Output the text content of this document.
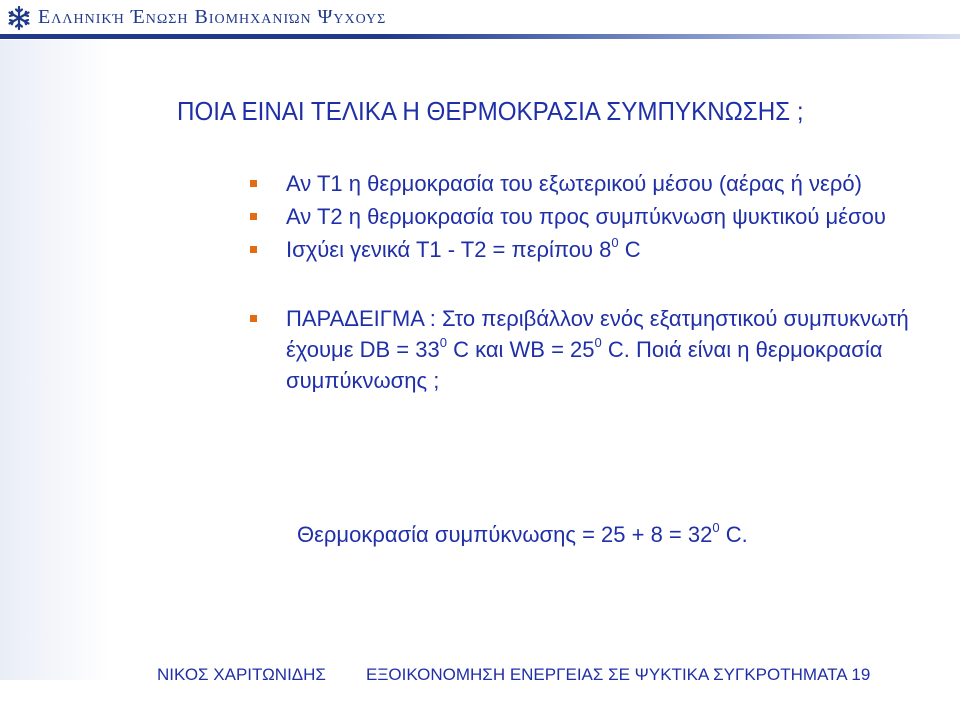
Ελληνική Ένωση Βιομηχανιών Ψυχους
ΠΟΙΑ ΕΙΝΑΙ ΤΕΛΙΚΑ Η ΘΕΡΜΟΚΡΑΣΙΑ ΣΥΜΠΥΚΝΩΣΗΣ ;
Αν Τ1 η θερμοκρασία του εξωτερικού μέσου (αέρας ή νερό)
Αν Τ2 η θερμοκρασία του προς συμπύκνωση ψυκτικού μέσου
Ισχύει γενικά Τ1 - Τ2 = περίπου $8^0$ C
ΠΑΡΑΔΕΙΓΜΑ : Στο περιβάλλον ενός εξατμηστικού συμπυκνωτή έχουμε DB = $33^0$ C και WB = $25^0$ C. Ποιά είναι η θερμοκρασία συμπύκνωσης ;
Θερμοκρασία $\sigma\upsilon\mu\pi ύ\kappa\nu\omega\sigma\eta\varsigma = 25 + 8 = 32^0$ C.
ΝΙΚΟΣ ΧΑΡΙΤΩΝΙΔΗΣ ΕΞΟΙΚΟΝΟΜΗΣΗ ΕΝΕΡΓΕΙΑΣ ΣΕ ΨΥΚΤΙΚΑ ΣΥΓΚΡΟΤΗΜΑΤΑ 19
